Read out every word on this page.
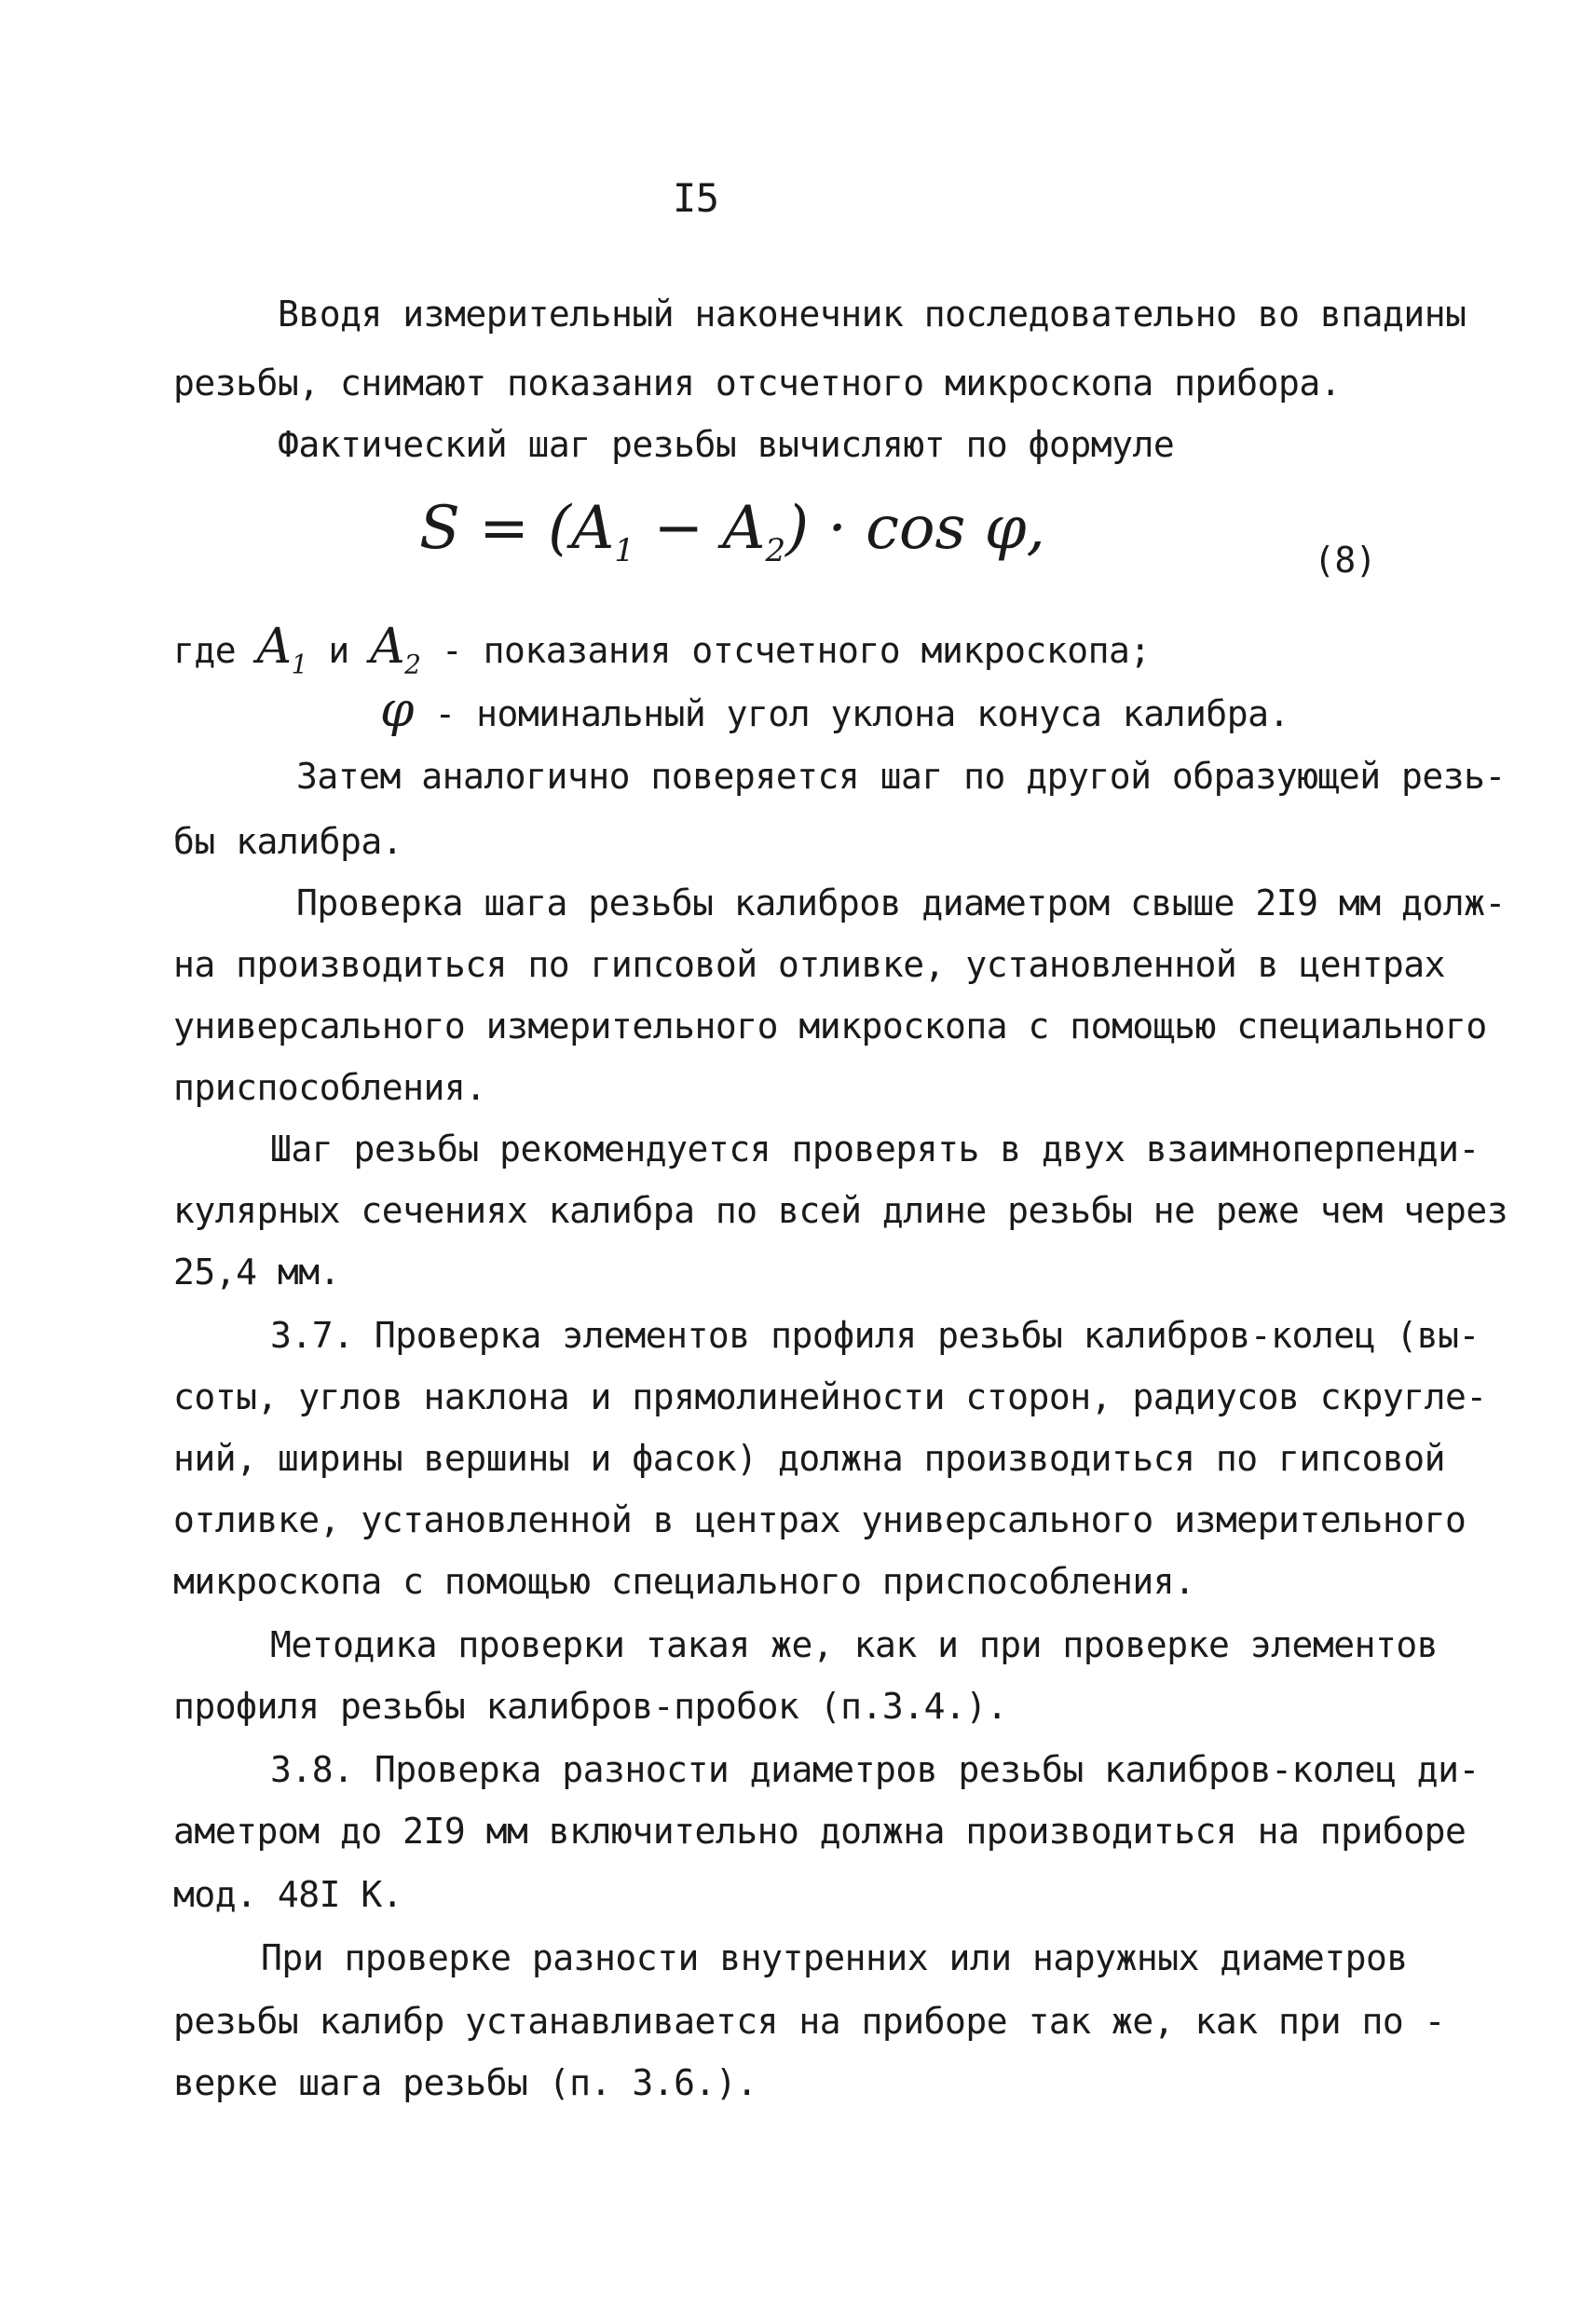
I5
Вводя измерительный наконечник последовательно во впадины
резьбы, снимают показания отсчетного микроскопа прибора.
Фактический шаг резьбы вычисляют по формуле
$S = (A_1 - A_2) \cdot \cos \varphi$,	(8)
где $A_1$ и $A_2$ - показания отсчетного микроскопа;
φ - номинальный угол уклона конуса калибра.
Затем аналогично поверяется шаг по другой образующей резь-
бы калибра.
Проверка шага резьбы калибров диаметром свыше 2I9 мм долж-
на производиться по гипсовой отливке, установленной в центрах
универсального измерительного микроскопа с помощью специального
приспособления.
Шаг резьбы рекомендуется проверять в двух взаимноперпенди-
кулярных сечениях калибра по всей длине резьбы не реже чем через
25,4 мм.
3.7. Проверка элементов профиля резьбы калибров-колец (вы-
соты, углов наклона и прямолинейности сторон, радиусов скругле-
ний, ширины вершины и фасок) должна производиться по гипсовой
отливке, установленной в центрах универсального измерительного
микроскопа с помощью специального приспособления.
Методика проверки такая же, как и при проверке элементов
профиля резьбы калибров-пробок (п.3.4.).
3.8. Проверка разности диаметров резьбы калибров-колец ди-
аметром до 2I9 мм включительно должна производиться на приборе
мод. 48I К.
При проверке разности внутренних или наружных диаметров
резьбы калибр устанавливается на приборе так же, как при по -
верке шага резьбы (п. 3.6.).
